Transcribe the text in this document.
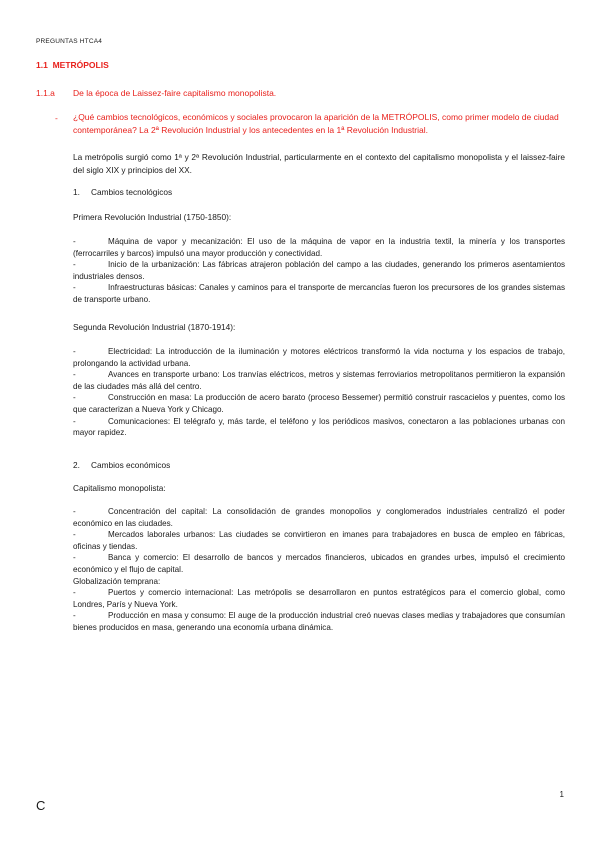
PREGUNTAS HTCA4
1.1 METRÓPOLIS
1.1.a De la época de Laissez-faire capitalismo monopolista.
- ¿Qué cambios tecnológicos, económicos y sociales provocaron la aparición de la METRÓPOLIS, como primer modelo de ciudad contemporánea? La 2ª Revolución Industrial y los antecedentes en la 1ª Revolución Industrial.
La metrópolis surgió como 1ª y 2ª Revolución Industrial, particularmente en el contexto del capitalismo monopolista y el laissez-faire del siglo XIX y principios del XX.
1. Cambios tecnológicos
Primera Revolución Industrial (1750-1850):
-	Máquina de vapor y mecanización: El uso de la máquina de vapor en la industria textil, la minería y los transportes (ferrocarriles y barcos) impulsó una mayor producción y conectividad.
-	Inicio de la urbanización: Las fábricas atrajeron población del campo a las ciudades, generando los primeros asentamientos industriales densos.
-	Infraestructuras básicas: Canales y caminos para el transporte de mercancías fueron los precursores de los grandes sistemas de transporte urbano.
Segunda Revolución Industrial (1870-1914):
-	Electricidad: La introducción de la iluminación y motores eléctricos transformó la vida nocturna y los espacios de trabajo, prolongando la actividad urbana.
-	Avances en transporte urbano: Los tranvías eléctricos, metros y sistemas ferroviarios metropolitanos permitieron la expansión de las ciudades más allá del centro.
-	Construcción en masa: La producción de acero barato (proceso Bessemer) permitió construir rascacielos y puentes, como los que caracterizan a Nueva York y Chicago.
-	Comunicaciones: El telégrafo y, más tarde, el teléfono y los periódicos masivos, conectaron a las poblaciones urbanas con mayor rapidez.
2. Cambios económicos
Capitalismo monopolista:
-	Concentración del capital: La consolidación de grandes monopolios y conglomerados industriales centralizó el poder económico en las ciudades.
-	Mercados laborales urbanos: Las ciudades se convirtieron en imanes para trabajadores en busca de empleo en fábricas, oficinas y tiendas.
-	Banca y comercio: El desarrollo de bancos y mercados financieros, ubicados en grandes urbes, impulsó el crecimiento económico y el flujo de capital.
Globalización temprana:
-	Puertos y comercio internacional: Las metrópolis se desarrollaron en puntos estratégicos para el comercio global, como Londres, París y Nueva York.
-	Producción en masa y consumo: El auge de la producción industrial creó nuevas clases medias y trabajadores que consumían bienes producidos en masa, generando una economía urbana dinámica.
1
C
